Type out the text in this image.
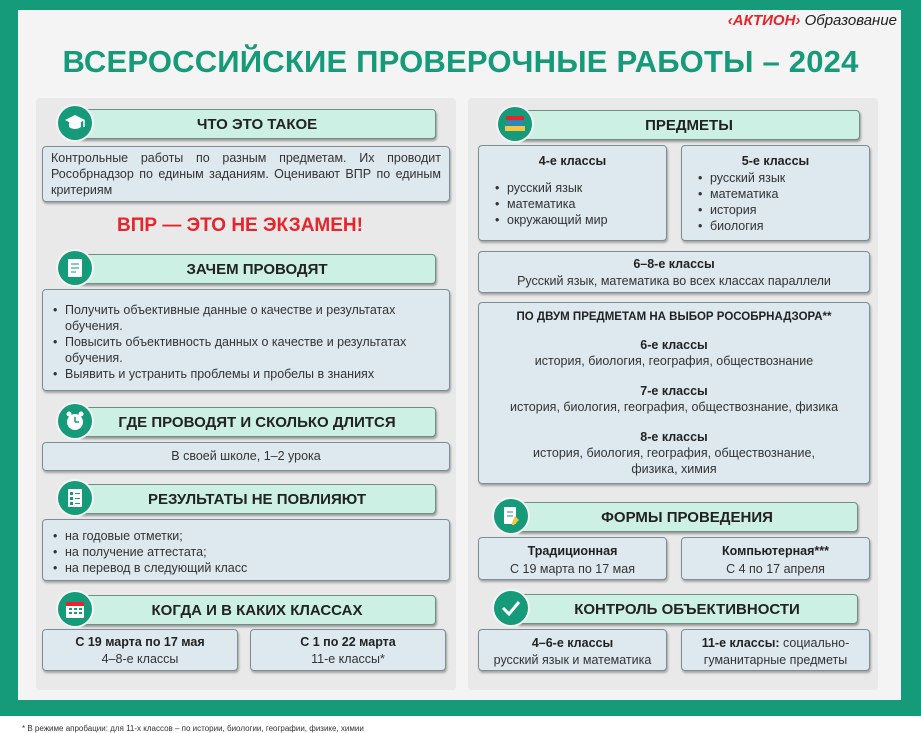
‹АКТИОН› Образование
ВСЕРОССИЙСКИЕ ПРОВЕРОЧНЫЕ РАБОТЫ – 2024
ЧТО ЭТО ТАКОЕ
Контрольные работы по разным предметам. Их проводит Рособрнадзор по единым заданиям. Оценивают ВПР по единым критериям
ВПР — ЭТО НЕ ЭКЗАМЕН!
ЗАЧЕМ ПРОВОДЯТ
• Получить объективные данные о качестве и результатах обучения.
• Повысить объективность данных о качестве и результатах обучения.
• Выявить и устранить проблемы и пробелы в знаниях
ГДЕ ПРОВОДЯТ И СКОЛЬКО ДЛИТСЯ
В своей школе, 1–2 урока
РЕЗУЛЬТАТЫ НЕ ПОВЛИЯЮТ
• на годовые отметки;
• на получение аттестата;
• на перевод в следующий класс
КОГДА И В КАКИХ КЛАССАХ
С 19 марта по 17 мая
4–8-е классы
С 1 по 22 марта
11-е классы*
ПРЕДМЕТЫ
4-е классы
• русский язык
• математика
• окружающий мир
5-е классы
• русский язык
• математика
• история
• биология
6–8-е классы
Русский язык, математика во всех классах параллели
ПО ДВУМ ПРЕДМЕТАМ НА ВЫБОР РОСОБРНАДЗОРА**
6-е классы
история, биология, география, обществознание
7-е классы
история, биология, география, обществознание, физика
8-е классы
история, биология, география, обществознание,
физика, химия
ФОРМЫ ПРОВЕДЕНИЯ
Традиционная
С 19 марта по 17 мая
Компьютерная***
С 4 по 17 апреля
КОНТРОЛЬ ОБЪЕКТИВНОСТИ
4–6-е классы
русский язык и математика
11-е классы: социально-
гуманитарные предметы
* В режиме апробации: для 11-х классов – по истории, биологии, географии, физике, химии
